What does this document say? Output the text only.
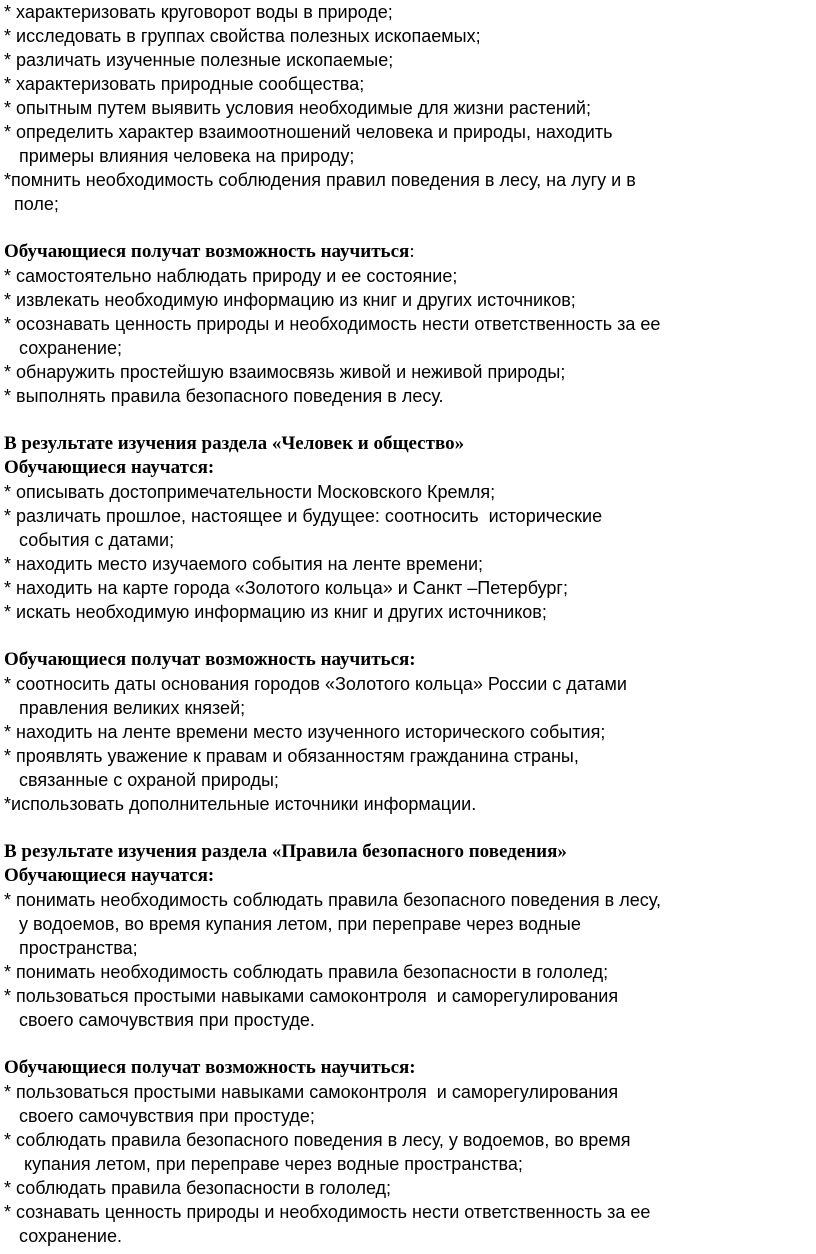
* характеризовать круговорот воды в природе;
* исследовать в группах свойства полезных ископаемых;
* различать изученные полезные ископаемые;
* характеризовать природные сообщества;
* опытным путем выявить условия необходимые для жизни растений;
* определить характер взаимоотношений человека и природы, находить
примеры влияния человека на природу;
*помнить необходимость соблюдения правил поведения в лесу, на лугу и в
поле;
Обучающиеся получат возможность научиться:
* самостоятельно наблюдать природу и ее состояние;
* извлекать необходимую информацию из книг и других источников;
* осознавать ценность природы и необходимость нести ответственность за ее
сохранение;
* обнаружить простейшую взаимосвязь живой и неживой природы;
* выполнять правила безопасного поведения в лесу.
В результате изучения раздела «Человек и общество»
Обучающиеся научатся:
* описывать достопримечательности Московского Кремля;
* различать прошлое, настоящее и будущее: соотносить  исторические
события с датами;
* находить место изучаемого события на ленте времени;
* находить на карте города «Золотого кольца» и Санкт –Петербург;
* искать необходимую информацию из книг и других источников;
Обучающиеся получат возможность научиться:
* соотносить даты основания городов «Золотого кольца» России с датами
правления великих князей;
* находить на ленте времени место изученного исторического события;
* проявлять уважение к правам и обязанностям гражданина страны,
связанные с охраной природы;
*использовать дополнительные источники информации.
В результате изучения раздела «Правила безопасного поведения»
Обучающиеся научатся:
* понимать необходимость соблюдать правила безопасного поведения в лесу,
у водоемов, во время купания летом, при переправе через водные
пространства;
* понимать необходимость соблюдать правила безопасности в гололед;
* пользоваться простыми навыками самоконтроля  и саморегулирования
своего самочувствия при простуде.
Обучающиеся получат возможность научиться:
* пользоваться простыми навыками самоконтроля  и саморегулирования
своего самочувствия при простуде;
* соблюдать правила безопасного поведения в лесу, у водоемов, во время
купания летом, при переправе через водные пространства;
* соблюдать правила безопасности в гололед;
* сознавать ценность природы и необходимость нести ответственность за ее
сохранение.
